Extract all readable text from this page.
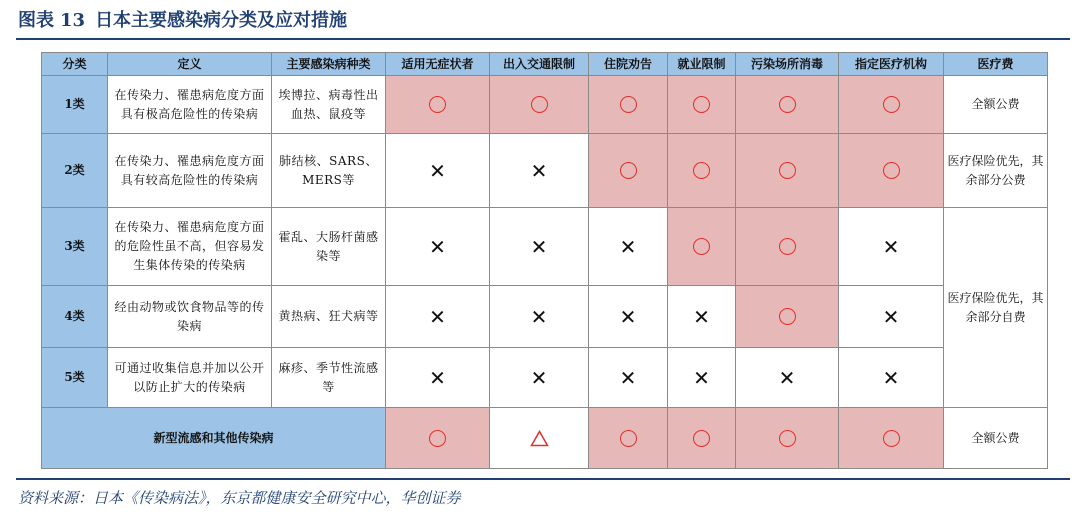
图表 13 日本主要感染病分类及应对措施
分类	定义	主要感染病种类	适用无症状者	出入交通限制	住院劝告	就业限制	污染场所消毒	指定医疗机构	医疗费
1类	在传染力、罹患病危度方面具有极高危险性的传染病	埃博拉、病毒性出血热、鼠疫等							全额公费
2类	在传染力、罹患病危度方面具有较高危险性的传染病	肺结核、SARS、MERS等	✕	✕					医疗保险优先，其余部分公费
3类	在传染力、罹患病危度方面的危险性虽不高，但容易发生集体传染的传染病	霍乱、大肠杆菌感染等	✕	✕	✕			✕	医疗保险优先，其余部分自费
4类	经由动物或饮食物品等的传染病	黄热病、狂犬病等	✕	✕	✕	✕		✕	
5类	可通过收集信息并加以公开以防止扩大的传染病	麻疹、季节性流感等	✕	✕	✕	✕	✕	✕	
新型流感和其他传染病									全额公费
资料来源：日本《传染病法》，东京都健康安全研究中心，华创证券
